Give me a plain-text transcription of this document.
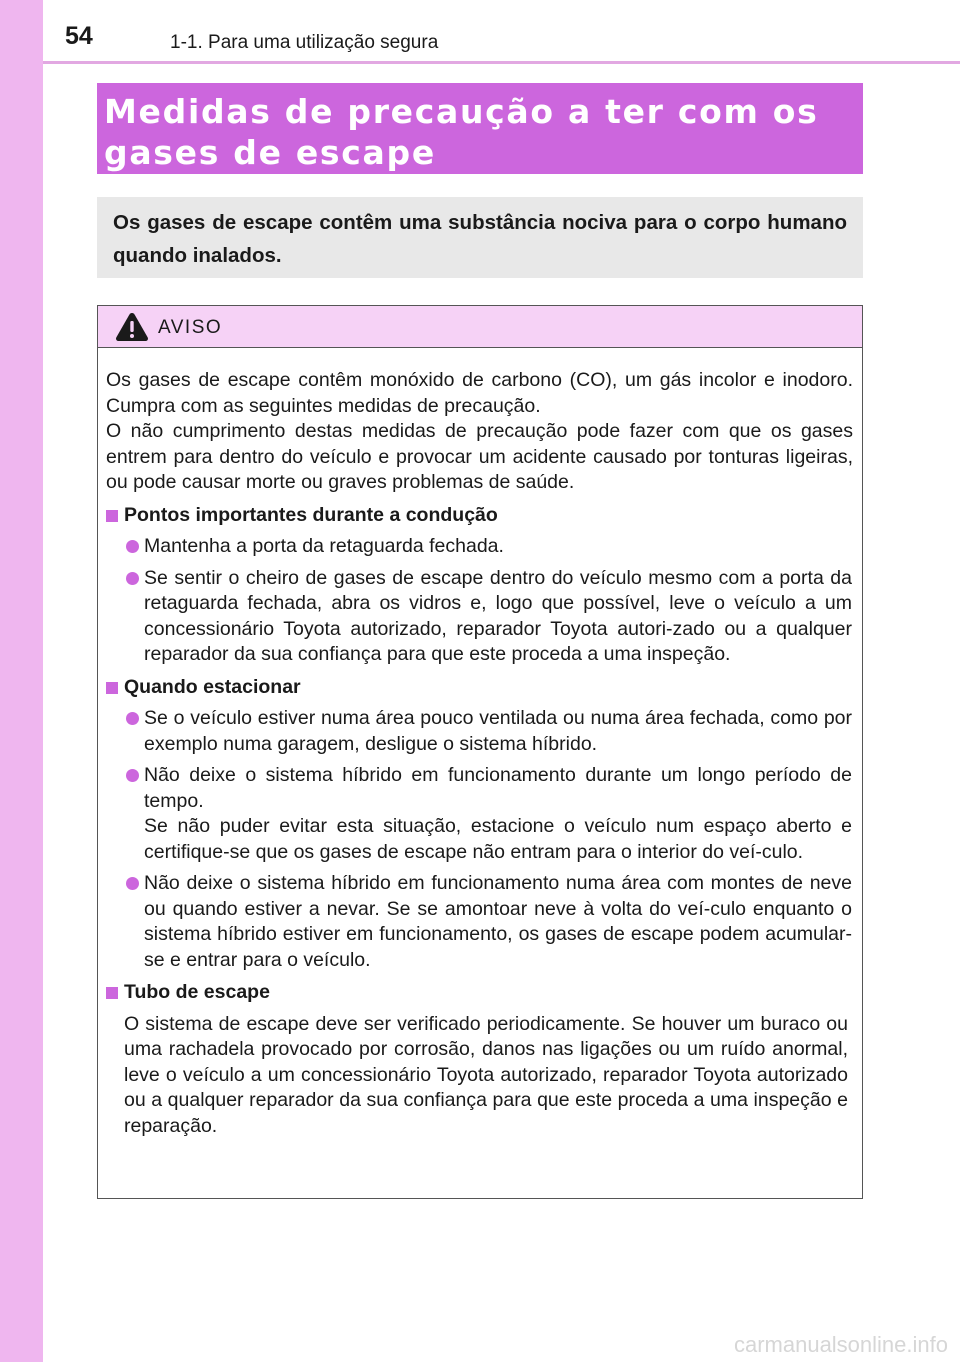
54	1-1. Para uma utilização segura
Medidas de precaução a ter com os gases de escape

Os gases de escape contêm uma substância nociva para o corpo humano quando inalados.

AVISO

Os gases de escape contêm monóxido de carbono (CO), um gás incolor e inodoro. Cumpra com as seguintes medidas de precaução.

O não cumprimento destas medidas de precaução pode fazer com que os gases entrem para dentro do veículo e provocar um acidente causado por tonturas ligeiras, ou pode causar morte ou graves problemas de saúde.

Pontos importantes durante a condução

Mantenha a porta da retaguarda fechada.

Se sentir o cheiro de gases de escape dentro do veículo mesmo com a porta da retaguarda fechada, abra os vidros e, logo que possível, leve o veículo a um concessionário Toyota autorizado, reparador Toyota autori-zado ou a qualquer reparador da sua confiança para que este proceda a uma inspeção.

Quando estacionar

Se o veículo estiver numa área pouco ventilada ou numa área fechada, como por exemplo numa garagem, desligue o sistema híbrido.

Não deixe o sistema híbrido em funcionamento durante um longo período de tempo.

Se não puder evitar esta situação, estacione o veículo num espaço aberto e certifique-se que os gases de escape não entram para o interior do veí-culo.

Não deixe o sistema híbrido em funcionamento numa área com montes de neve ou quando estiver a nevar. Se se amontoar neve à volta do veí-culo enquanto o sistema híbrido estiver em funcionamento, os gases de escape podem acumular-se e entrar para o veículo.

Tubo de escape

O sistema de escape deve ser verificado periodicamente. Se houver um buraco ou uma rachadela provocado por corrosão, danos nas ligações ou um ruído anormal, leve o veículo a um concessionário Toyota autorizado, reparador Toyota autorizado ou a qualquer reparador da sua confiança para que este proceda a uma inspeção e reparação.

carmanualsonline.info
